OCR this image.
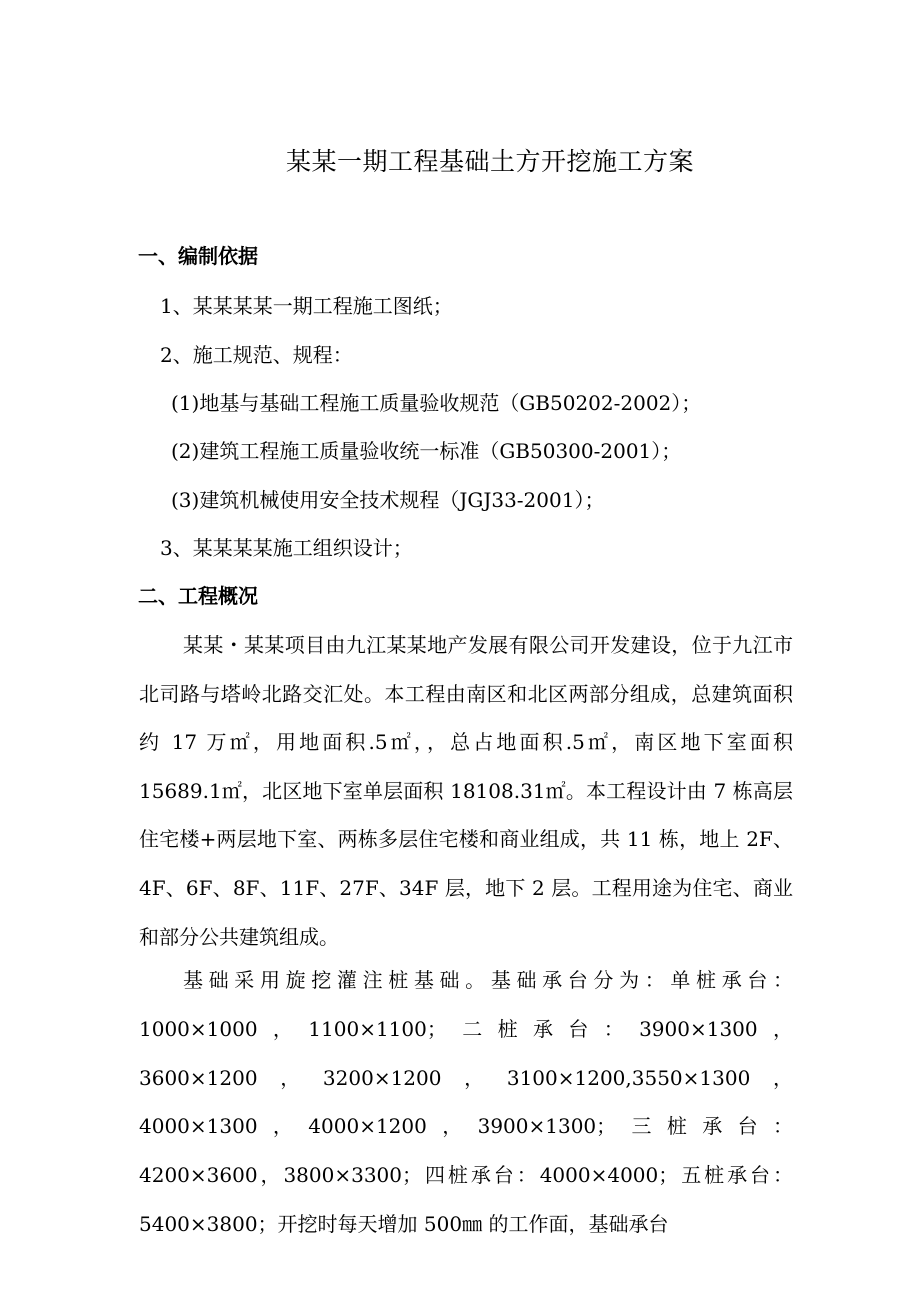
某某一期工程基础土方开挖施工方案
一、编制依据
1、某某某某一期工程施工图纸；
2、施工规范、规程：
(1)地基与基础工程施工质量验收规范（GB50202-2002）；
(2)建筑工程施工质量验收统一标准（GB50300-2001）；
(3)建筑机械使用安全技术规程（JGJ33-2001）；
3、某某某某施工组织设计；
二、工程概况
某某・某某项目由九江某某地产发展有限公司开发建设，位于九江市北司路与塔岭北路交汇处。本工程由南区和北区两部分组成，总建筑面积约 17 万㎡，用地面积.5㎡，，总占地面积.5㎡，南区地下室面积 15689.1㎡，北区地下室单层面积 18108.31㎡。本工程设计由 7 栋高层住宅楼+两层地下室、两栋多层住宅楼和商业组成，共 11 栋，地上 2F、4F、6F、8F、11F、27F、34F 层，地下 2 层。工程用途为住宅、商业和部分公共建筑组成。
基础采用旋挖灌注桩基础。基础承台分为：单桩承台：1000×1000，1100×1100；二桩承台：3900×1300，3600×1200，3200×1200，3100×1200,3550×1300，4000×1300，4000×1200，3900×1300；三桩承台：4200×3600，3800×3300；四桩承台：4000×4000；五桩承台：5400×3800；开挖时每天增加 500㎜ 的工作面，基础承台
